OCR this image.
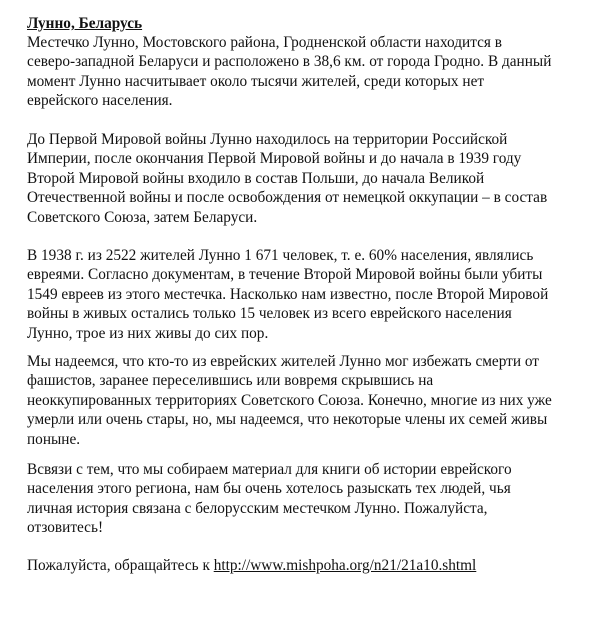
Лунно, Беларусь

Местечко Лунно, Мостовского района, Гродненской области находится в
северо-западной Беларуси и расположено в 38,6 км. от города Гродно. В данный
момент Лунно насчитывает около тысячи жителей, среди которых нет
еврейского населения.

До Первой Мировой войны Лунно находилось на территории Российской
Империи, после окончания Первой Мировой войны и до начала в 1939 году
Второй Мировой войны входило в состав Польши, до начала Великой
Отечественной войны и после освобождения от немецкой оккупации – в состав
Советского Союза, затем Беларуси.

В 1938 г. из 2522 жителей Лунно 1 671 человек, т. е. 60% населения, являлись
евреями. Согласно документам, в течение Второй Мировой войны были убиты
1549 евреев из этого местечка. Насколько нам известно, после Второй Мировой
войны в живых остались только 15 человек из всего еврейского населения
Лунно, трое из них живы до сих пор.

Мы надеемся, что кто-то из еврейских жителей Лунно мог избежать смерти от
фашистов, заранее переселившись или вовремя скрывшись на
неоккупированных территориях Советского Союза. Конечно, многие из них уже
умерли или очень стары, но, мы надеемся, что некоторые члены их семей живы
поныне.

Всвязи с тем, что мы собираем материал для книги об истории еврейского
населения этого региона, нам бы очень хотелось разыскать тех людей, чья
личная история связана с белорусским местечком Лунно. Пожалуйста,
отзовитесь!

Пожалуйста, обращайтесь к http://www.mishpoha.org/n21/21a10.shtml
